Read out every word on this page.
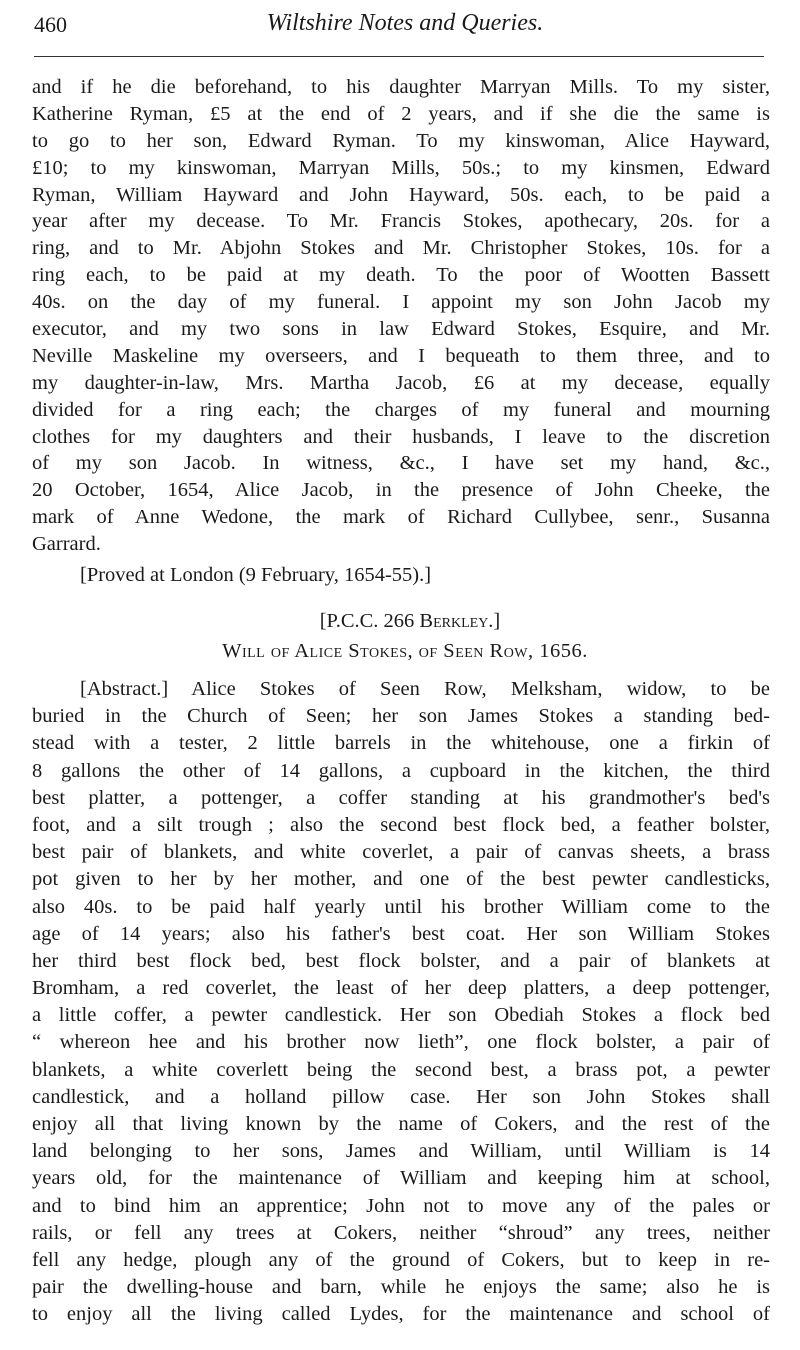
460	Wiltshire Notes and Queries.
and if he die beforehand, to his daughter Marryan Mills. To my sister,
Katherine Ryman, £5 at the end of 2 years, and if she die the same is
to go to her son, Edward Ryman. To my kinswoman, Alice Hayward,
£10; to my kinswoman, Marryan Mills, 50s.; to my kinsmen, Edward
Ryman, William Hayward and John Hayward, 50s. each, to be paid a
year after my decease. To Mr. Francis Stokes, apothecary, 20s. for a
ring, and to Mr. Abjohn Stokes and Mr. Christopher Stokes, 10s. for a
ring each, to be paid at my death. To the poor of Wootten Bassett
40s. on the day of my funeral. I appoint my son John Jacob my
executor, and my two sons in law Edward Stokes, Esquire, and Mr.
Neville Maskeline my overseers, and I bequeath to them three, and to
my daughter-in-law, Mrs. Martha Jacob, £6 at my decease, equally
divided for a ring each; the charges of my funeral and mourning
clothes for my daughters and their husbands, I leave to the discretion
of my son Jacob. In witness, &c., I have set my hand, &c.,
20 October, 1654, Alice Jacob, in the presence of John Cheeke, the
mark of Anne Wedone, the mark of Richard Cullybee, senr., Susanna
Garrard.
[Proved at London (9 February, 1654-55).]
[P.C.C. 266 Berkley.]
Will of Alice Stokes, of Seen Row, 1656.
[Abstract.] Alice Stokes of Seen Row, Melksham, widow, to be
buried in the Church of Seen; her son James Stokes a standing bed-
stead with a tester, 2 little barrels in the whitehouse, one a firkin of
8 gallons the other of 14 gallons, a cupboard in the kitchen, the third
best platter, a pottenger, a coffer standing at his grandmother's bed's
foot, and a silt trough ; also the second best flock bed, a feather bolster,
best pair of blankets, and white coverlet, a pair of canvas sheets, a brass
pot given to her by her mother, and one of the best pewter candlesticks,
also 40s. to be paid half yearly until his brother William come to the
age of 14 years; also his father's best coat. Her son William Stokes
her third best flock bed, best flock bolster, and a pair of blankets at
Bromham, a red coverlet, the least of her deep platters, a deep pottenger,
a little coffer, a pewter candlestick. Her son Obediah Stokes a flock bed
“ whereon hee and his brother now lieth”, one flock bolster, a pair of
blankets, a white coverlett being the second best, a brass pot, a pewter
candlestick, and a holland pillow case. Her son John Stokes shall
enjoy all that living known by the name of Cokers, and the rest of the
land belonging to her sons, James and William, until William is 14
years old, for the maintenance of William and keeping him at school,
and to bind him an apprentice; John not to move any of the pales or
rails, or fell any trees at Cokers, neither “shroud” any trees, neither
fell any hedge, plough any of the ground of Cokers, but to keep in re-
pair the dwelling-house and barn, while he enjoys the same; also he is
to enjoy all the living called Lydes, for the maintenance and school of
